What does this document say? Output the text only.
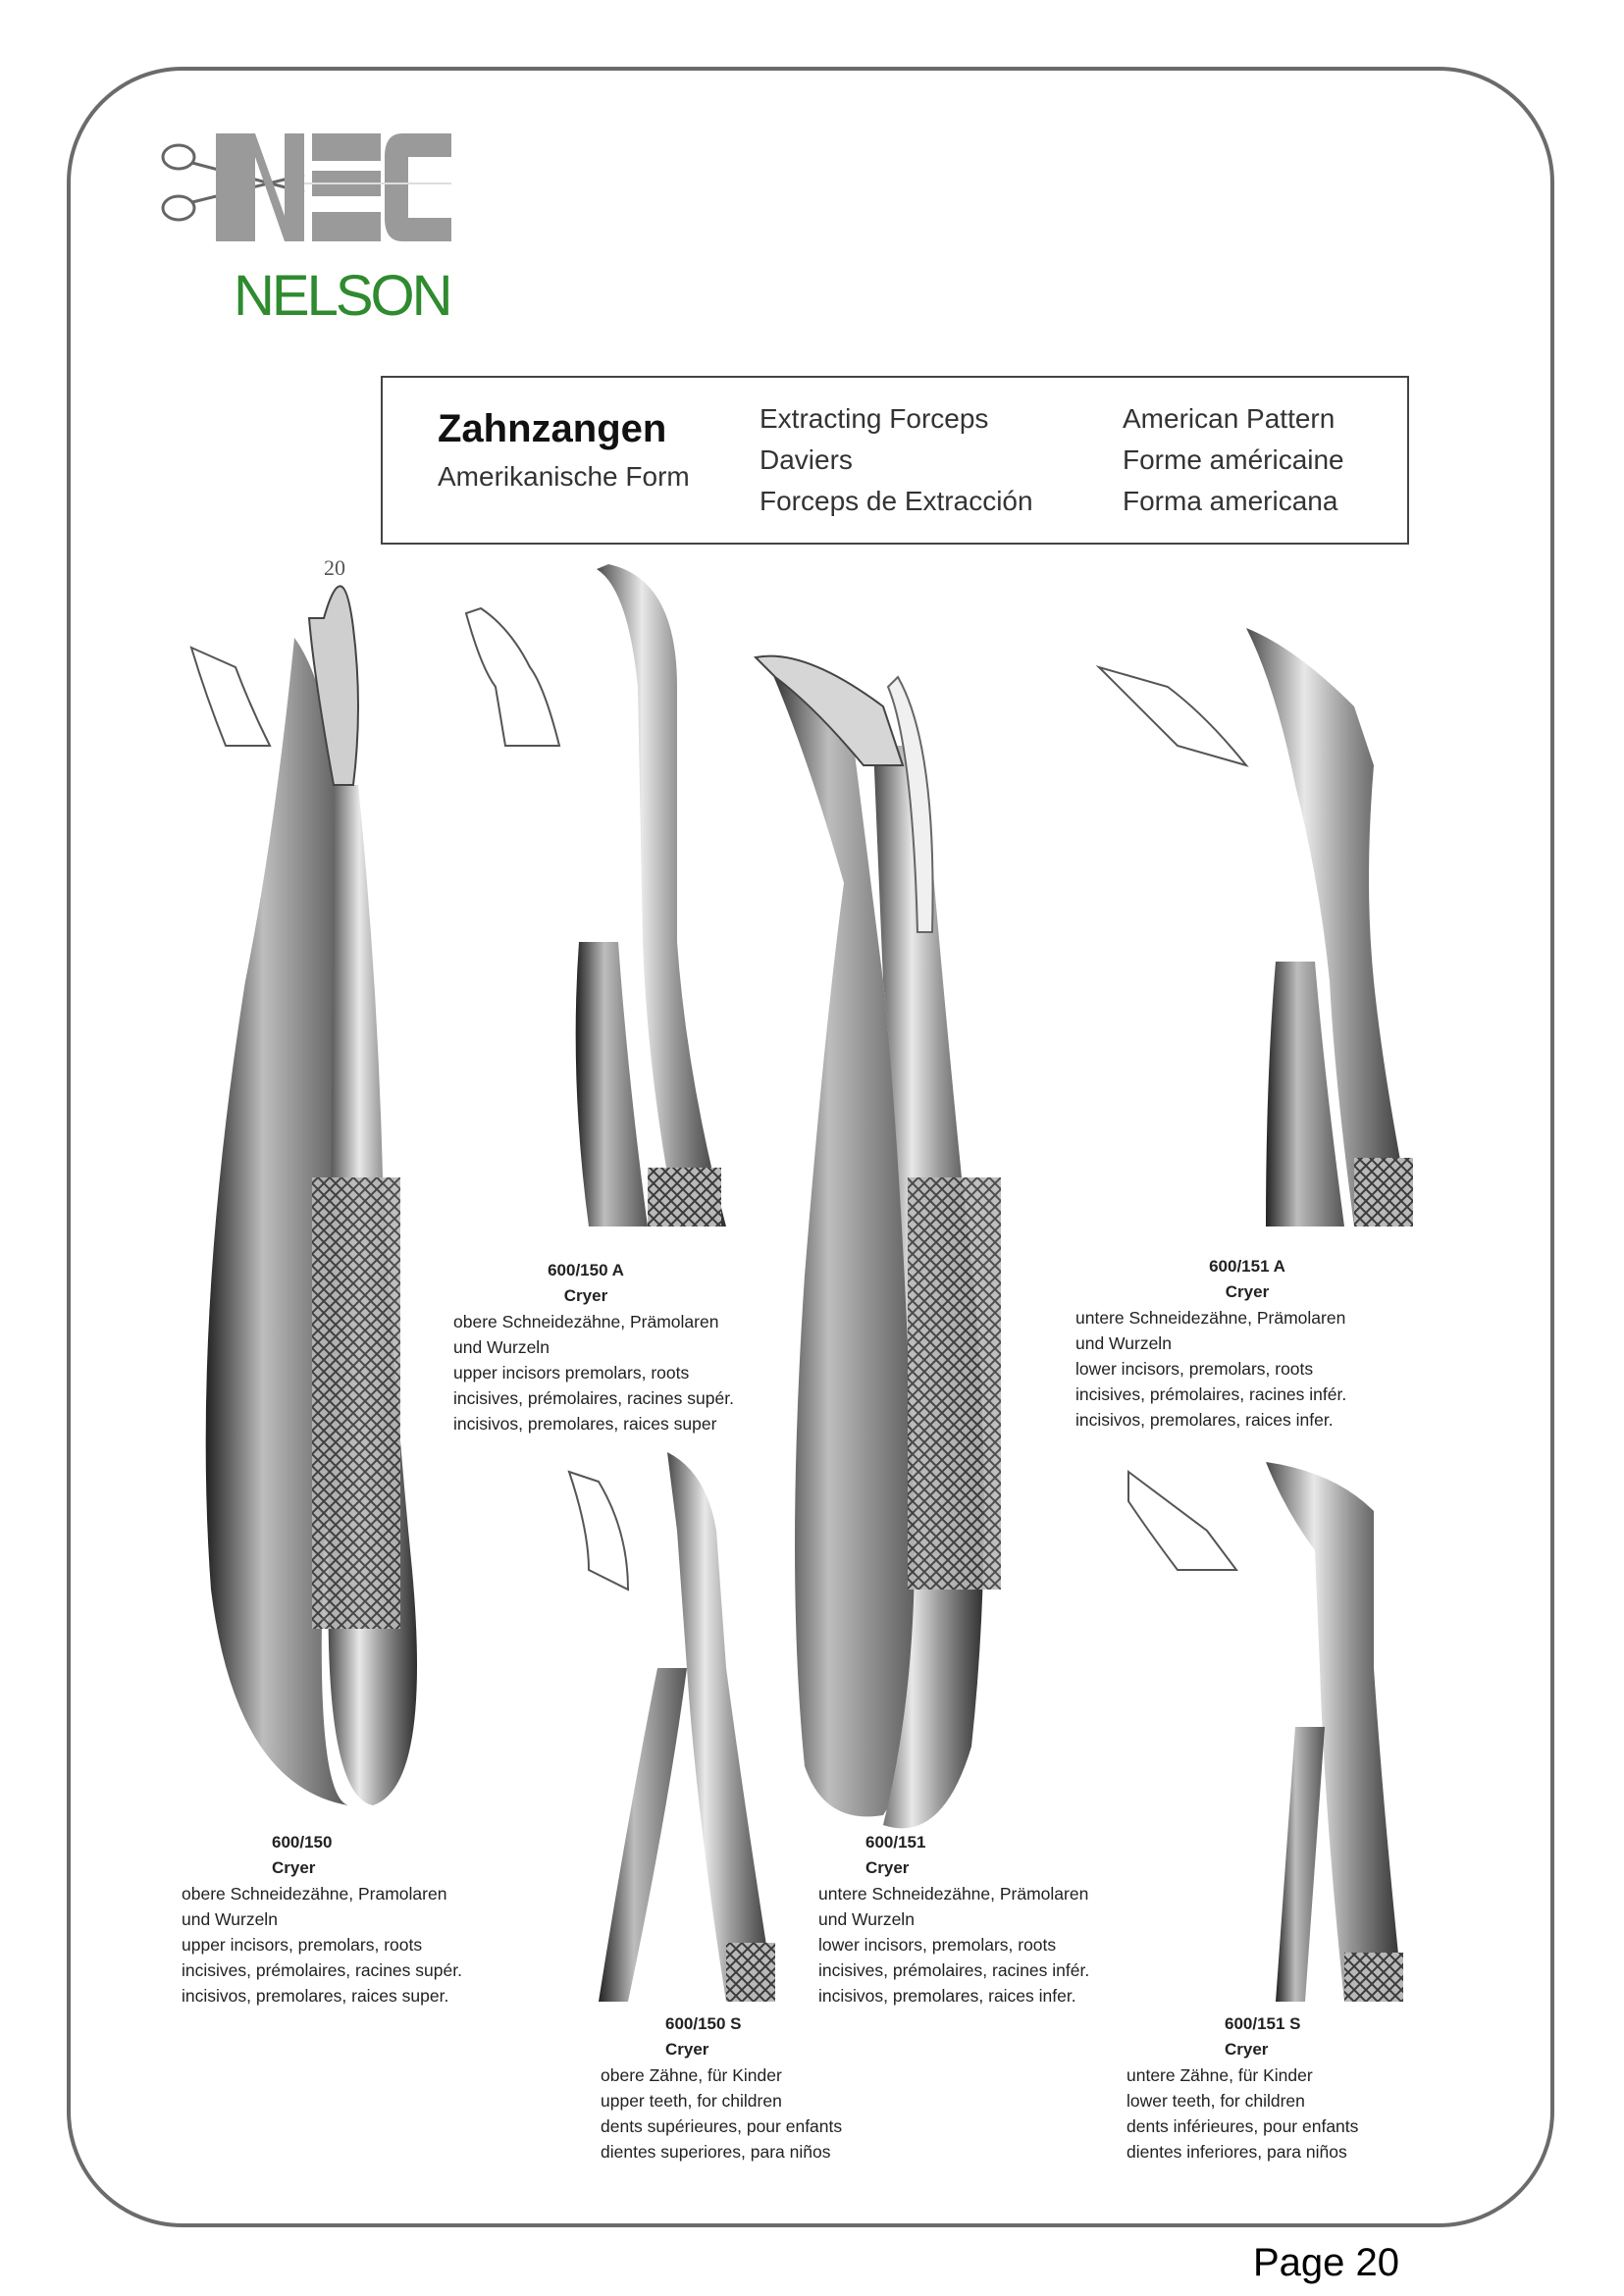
NELSON
Zahnzangen
Amerikanische Form
Extracting Forceps
Daviers
Forceps de Extracción
American Pattern
Forme américaine
Forma americana
20
600/150 A
Cryer
obere Schneidezähne, Prämolaren
und Wurzeln
upper incisors premolars, roots
incisives, prémolaires, racines supér.
incisivos, premolares, raices super
600/151 A
Cryer
untere Schneidezähne, Prämolaren
und Wurzeln
lower incisors, premolars, roots
incisives, prémolaires, racines infér.
incisivos, premolares, raices infer.
600/150
Cryer
obere Schneidezähne, Pramolaren
und Wurzeln
upper incisors, premolars, roots
incisives, prémolaires, racines supér.
incisivos, premolares, raices super.
600/151
Cryer
untere Schneidezähne, Prämolaren
und Wurzeln
lower incisors, premolars, roots
incisives, prémolaires, racines infér.
incisivos, premolares, raices infer.
600/150 S
Cryer
obere Zähne, für Kinder
upper teeth, for children
dents supérieures, pour enfants
dientes superiores, para niños
600/151 S
Cryer
untere Zähne, für Kinder
lower teeth, for children
dents inférieures, pour enfants
dientes inferiores, para niños
Page 20
